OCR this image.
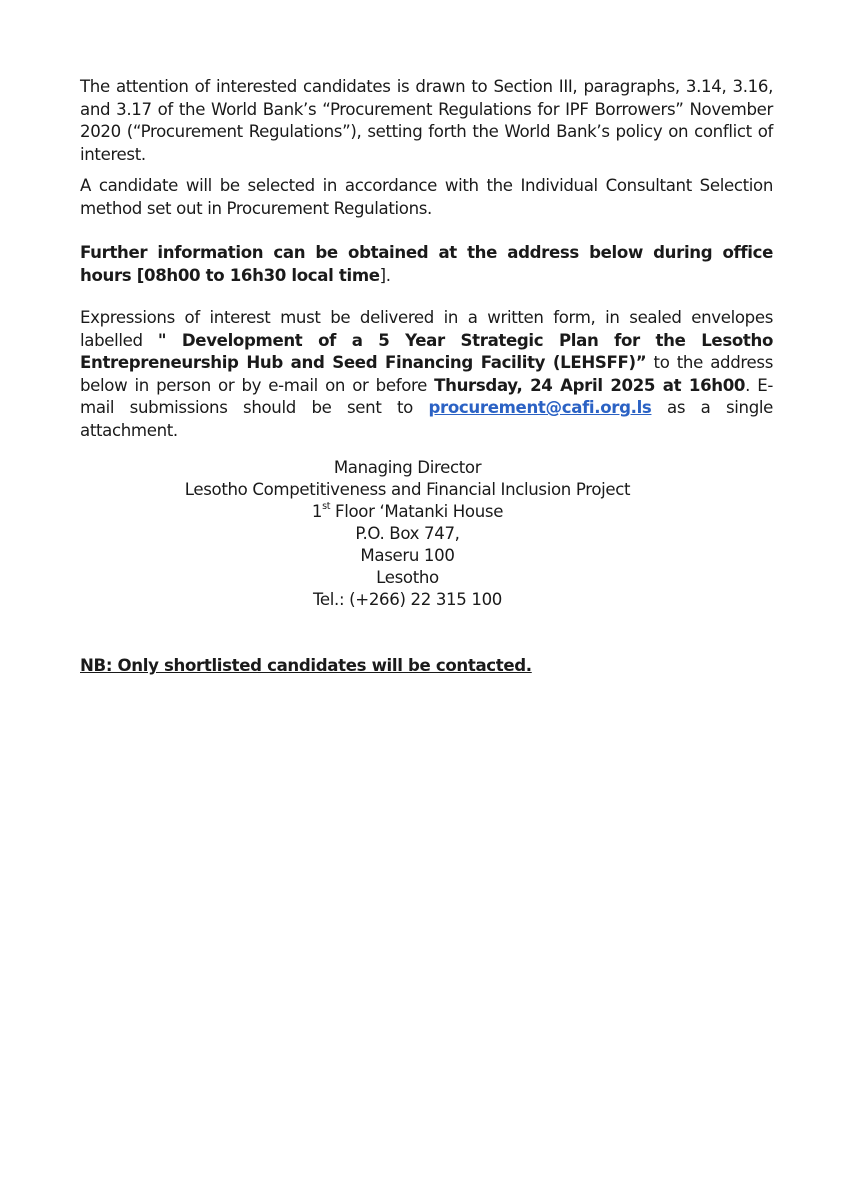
The attention of interested candidates is drawn to Section III, paragraphs, 3.14, 3.16, and 3.17 of the World Bank’s “Procurement Regulations for IPF Borrowers” November 2020 (“Procurement Regulations”), setting forth the World Bank’s policy on conflict of interest.

A candidate will be selected in accordance with the Individual Consultant Selection method set out in Procurement Regulations.

Further information can be obtained at the address below during office hours [08h00 to 16h30 local time].

Expressions of interest must be delivered in a written form, in sealed envelopes labelled " Development of a 5 Year Strategic Plan for the Lesotho Entrepreneurship Hub and Seed Financing Facility (LEHSFF)” to the address below in person or by e-mail on or before Thursday, 24 April 2025 at 16h00. E-mail submissions should be sent to procurement@cafi.org.ls as a single attachment.

Managing Director
Lesotho Competitiveness and Financial Inclusion Project
1st Floor ‘Matanki House
P.O. Box 747,
Maseru 100
Lesotho
Tel.: (+266) 22 315 100
NB: Only shortlisted candidates will be contacted.
